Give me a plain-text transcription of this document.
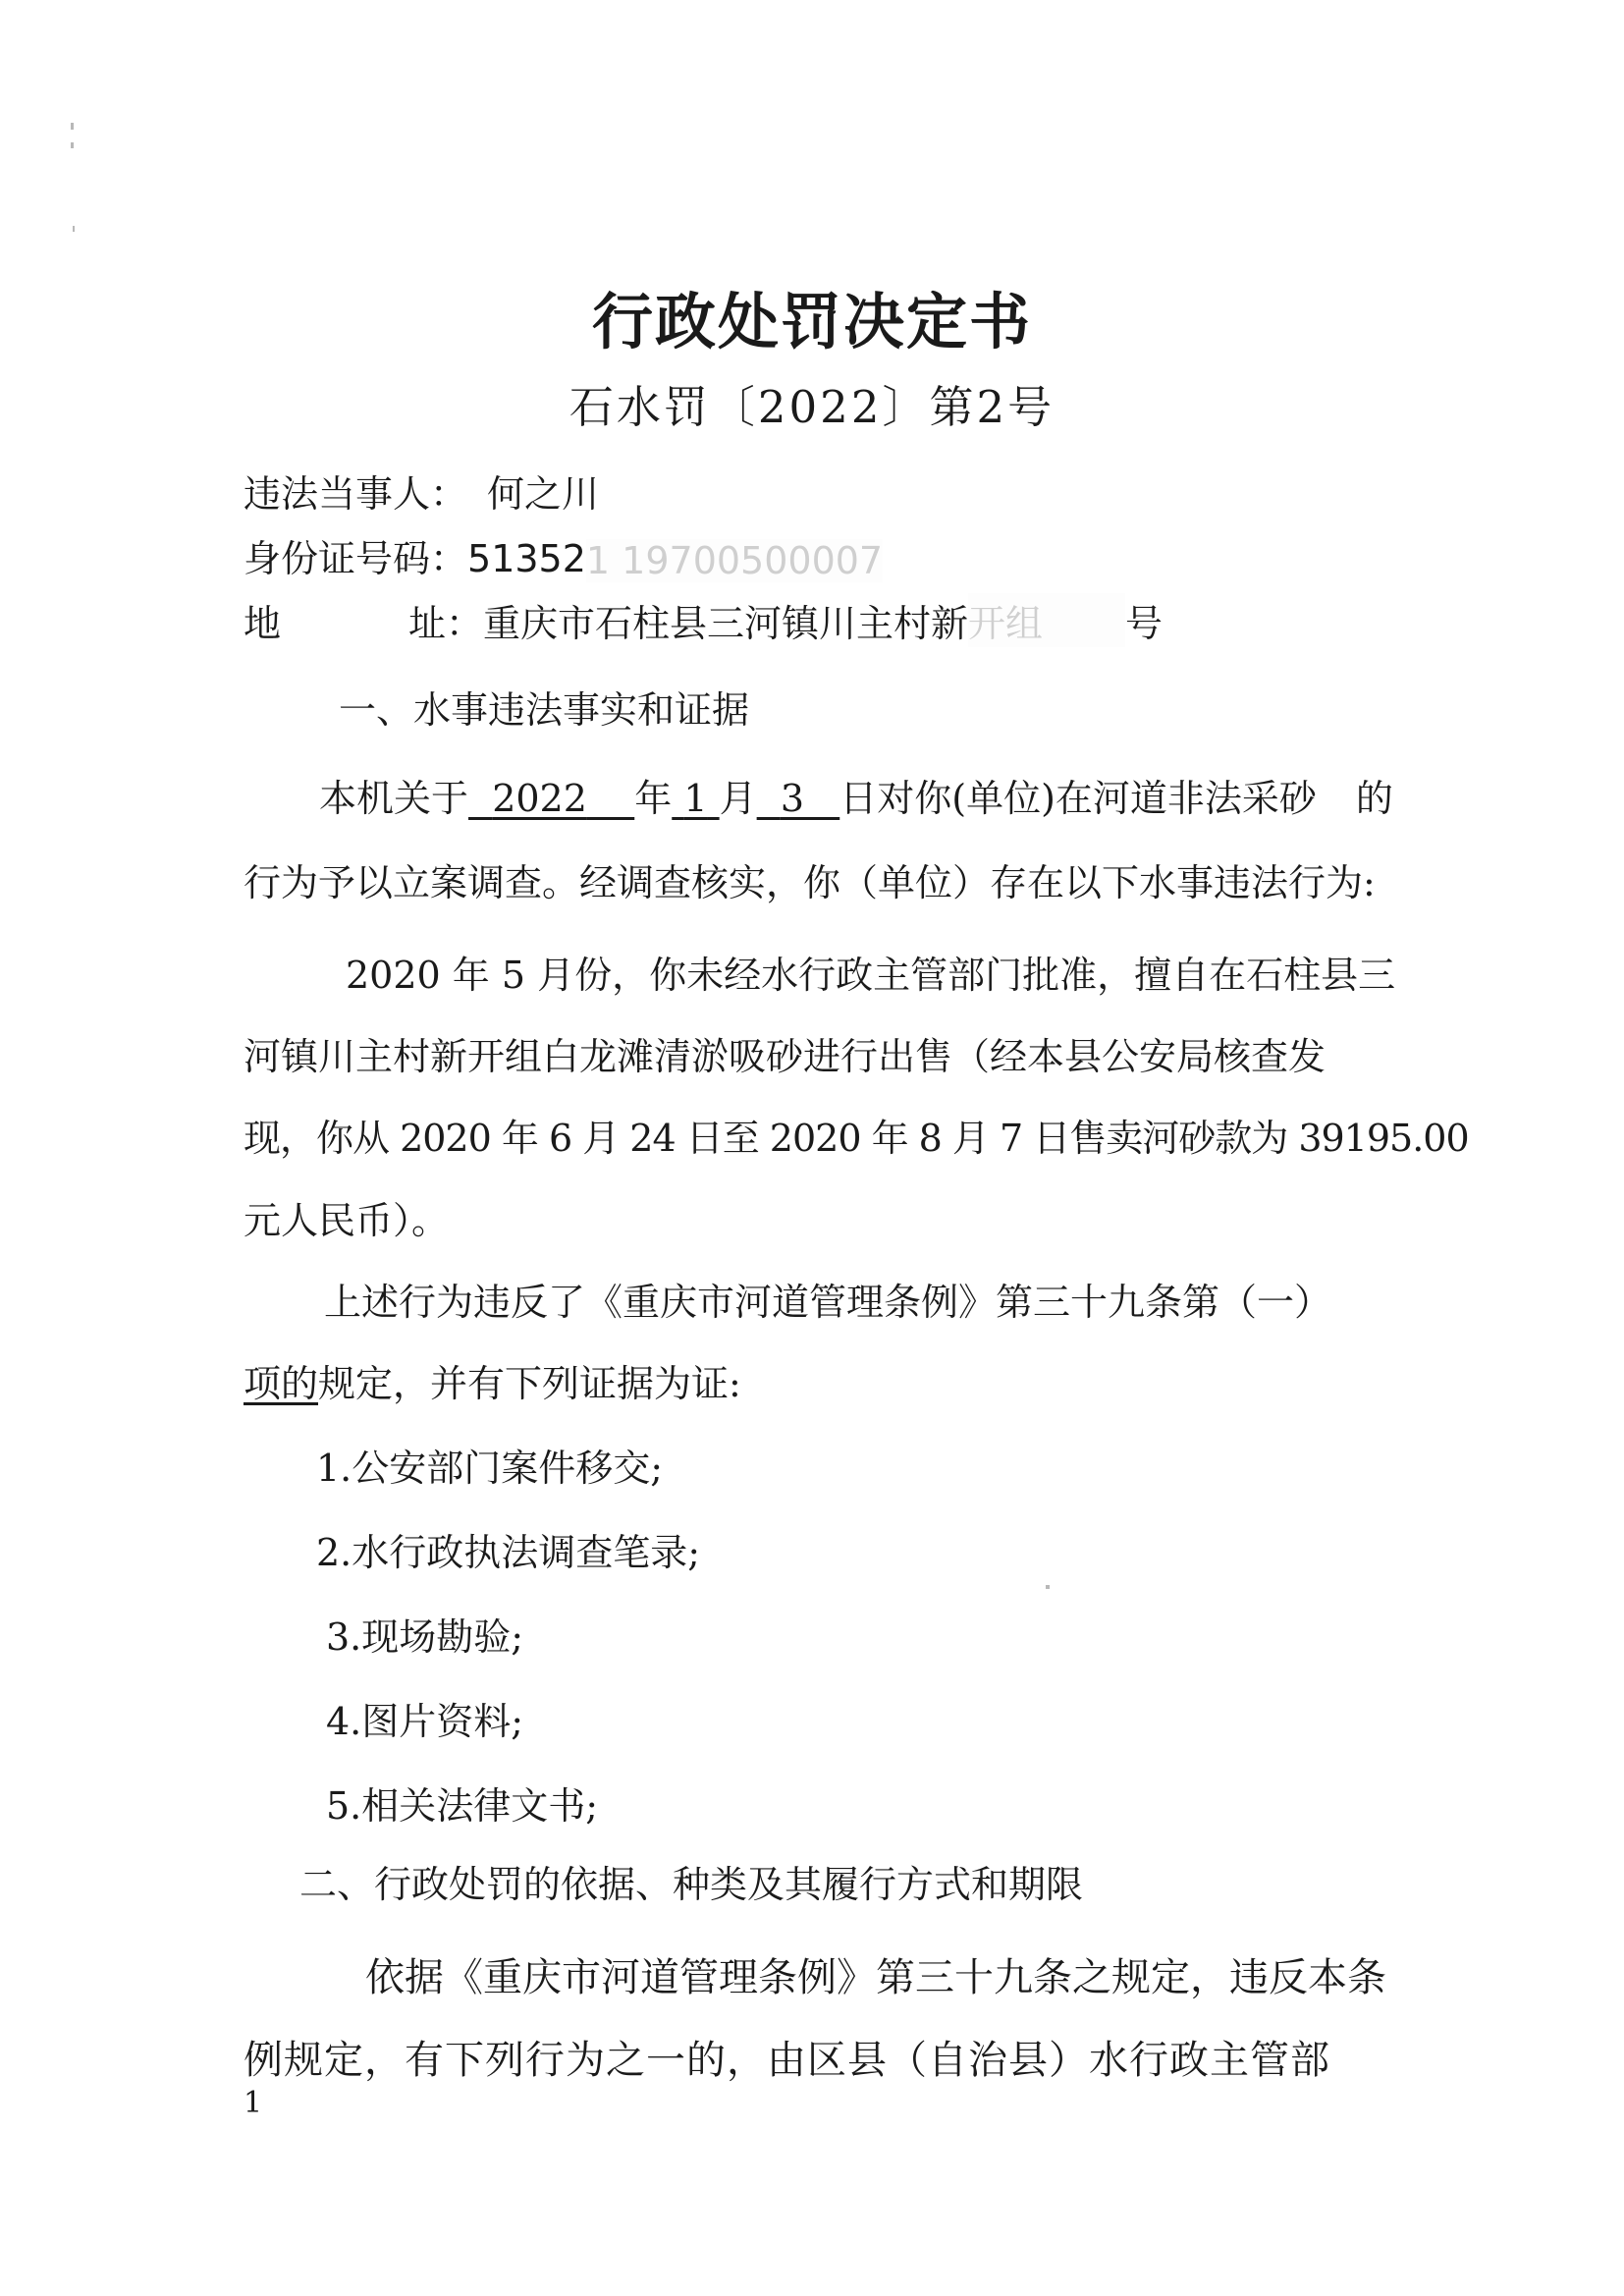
行政处罚决定书
石水罚〔2022〕第2号
违法当事人： 何之川
身份证号码：513521 19700500007
地	址：重庆市石柱县三河镇川主村新开组 号
一、水事违法事实和证据
本机关于 2022 年 1 月 3 日对你(单位)在河道非法采砂 的
行为予以立案调查。经调查核实，你（单位）存在以下水事违法行为:
2020 年 5 月份，你未经水行政主管部门批准，擅自在石柱县三
河镇川主村新开组白龙滩清淤吸砂进行出售（经本县公安局核查发
现，你从 2020 年 6 月 24 日至 2020 年 8 月 7 日售卖河砂款为 39195.00
元人民币）。
上述行为违反了《重庆市河道管理条例》第三十九条第（一）
项的规定，并有下列证据为证:
1.公安部门案件移交;
2.水行政执法调查笔录;
3.现场勘验;
4.图片资料;
5.相关法律文书;
二、行政处罚的依据、种类及其履行方式和期限
依据《重庆市河道管理条例》第三十九条之规定，违反本条
例规定，有下列行为之一的，由区县（自治县）水行政主管部
1
